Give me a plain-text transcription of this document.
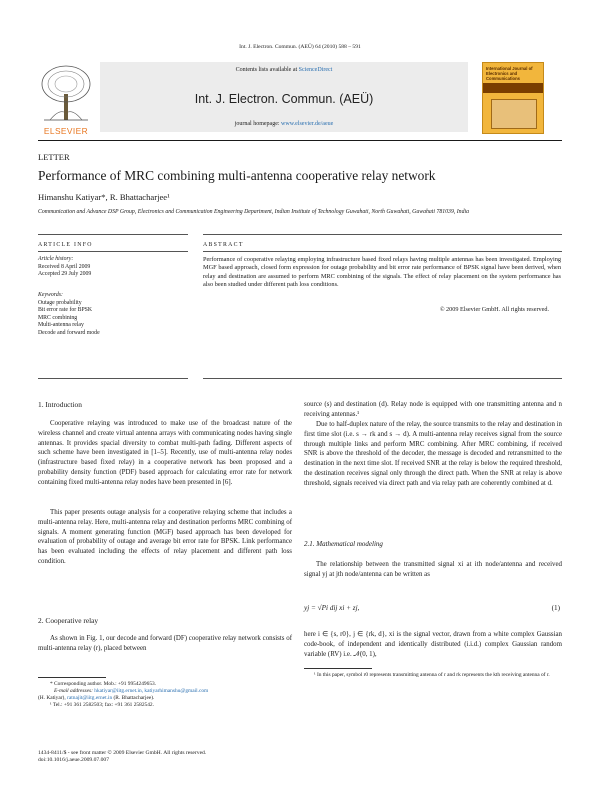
Int. J. Electron. Commun. (AEÜ) 64 (2010) 588 – 591
ELSEVIER
Contents lists available at ScienceDirect
Int. J. Electron. Commun. (AEÜ)
journal homepage: www.elsevier.de/aeue
International Journal of Electronics and Communications
LETTER
Performance of MRC combining multi-antenna cooperative relay network
Himanshu Katiyar*, R. Bhattacharjee¹
Communication and Advance DSP Group, Electronics and Communication Engineering Department, Indian Institute of Technology Guwahati, North Guwahati, Guwahati 781039, India
ARTICLE INFO	ABSTRACT
Article history:
Received 8 April 2009
Accepted 29 July 2009
Keywords:
Outage probability
Bit error rate for BPSK
MRC combining
Multi-antenna relay
Decode and forward mode
Performance of cooperative relaying employing infrastructure based fixed relays having multiple antennas has been investigated. Employing MGF based approach, closed form expression for outage probability and bit error rate performance of BPSK signal have been derived, when relay and destination are assumed to perform MRC combining of the signals. The effect of relay placement on the system performance has also been studied under different path loss conditions.
© 2009 Elsevier GmbH. All rights reserved.
1. Introduction
Cooperative relaying was introduced to make use of the broadcast nature of the wireless channel and create virtual antenna arrays with communicating nodes having single antennas. It provides spacial diversity to combat multi-path fading. Different aspects of such scheme have been investigated in [1–5]. Recently, use of multi-antenna relay nodes (infrastructure based fixed relay) in a cooperative network has been proposed and a probability density function (PDF) based approach for calculating error rate for network containing fixed multi-antenna relay nodes have been presented in [6].
This paper presents outage analysis for a cooperative relaying scheme that includes a multi-antenna relay. Here, multi-antenna relay and destination performs MRC combining of signals. A moment generating function (MGF) based approach has been developed for evaluation of probability of outage and average bit error rate for BPSK. Link performance has been evaluated including the effects of relay placement and different path loss condition.
2. Cooperative relay
As shown in Fig. 1, our decode and forward (DF) cooperative relay network consists of multi-antenna relay (r), placed between
* Corresponding author. Mob.: +91 9954249653.
E-mail addresses: hkatiyar@iitg.ernet.in, katiyarhimanshu@gmail.com
(H. Katiyar), ratnajit@iitg.ernet.in (R. Bhattacharjee).
¹ Tel.: +91 361 2582503; fax: +91 361 2582542.
source (s) and destination (d). Relay node is equipped with one transmitting antenna and n receiving antennas.¹
Due to half-duplex nature of the relay, the source transmits to the relay and destination in first time slot (i.e. s → rk and s → d). A multi-antenna relay receives signal from the source through multiple links and perform MRC combining. After MRC combining, if received SNR is above the threshold of the decoder, the message is decoded and retransmitted to the destination in the next time slot. If received SNR at the relay is below the required threshold, the destination receives signal only through the direct path. When the SNR at relay is above threshold, signals received via direct path and via relay path are coherently combined at d.
2.1. Mathematical modeling
The relationship between the transmitted signal xi at ith node/antenna and received signal yj at jth node/antenna can be written as
yj = √Pi dij xi + zj,	(1)
here i ∈ {s, r0}, j ∈ {rk, d}, xi is the signal vector, drawn from a white complex Gaussian code-book, of independent and identically distributed (i.i.d.) complex Gaussian random variable (RV) i.e. 𝒩(0, 1),
¹ In this paper, symbol r0 represents transmitting antenna of r and rk represents the kth receiving antenna of r.
1434-8411/$ - see front matter © 2009 Elsevier GmbH. All rights reserved.
doi:10.1016/j.aeue.2009.07.007
